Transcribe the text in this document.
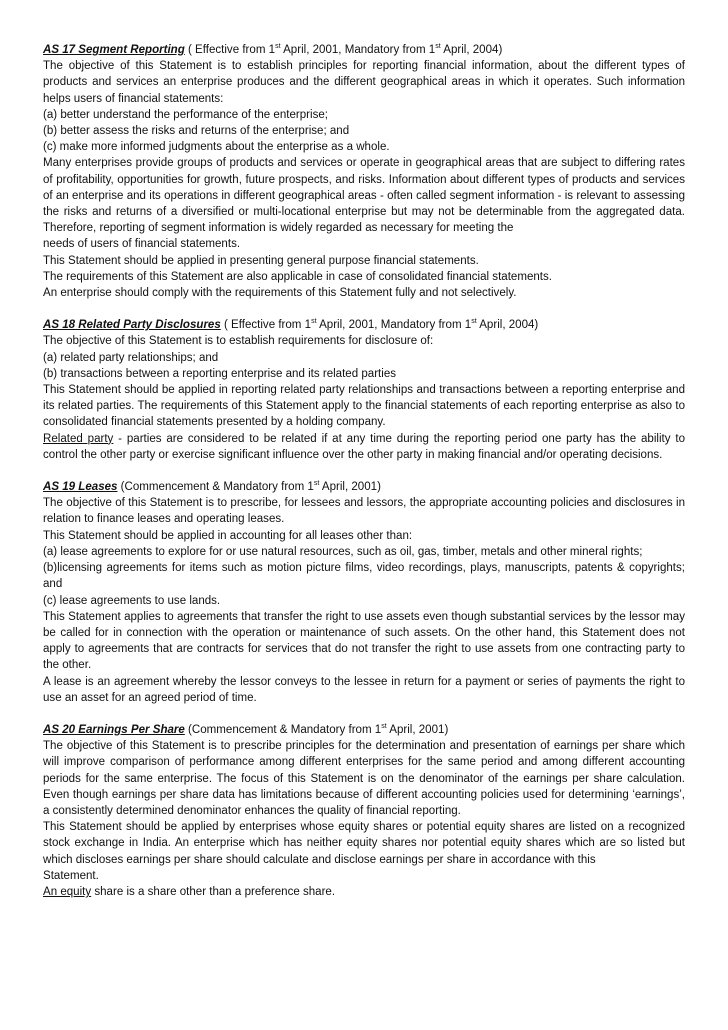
AS 17 Segment Reporting ( Effective from 1st April, 2001, Mandatory from 1st April, 2004)

The objective of this Statement is to establish principles for reporting financial information, about the different types of products and services an enterprise produces and the different geographical areas in which it operates. Such information helps users of financial statements:

(a) better understand the performance of the enterprise;

(b) better assess the risks and returns of the enterprise; and

(c) make more informed judgments about the enterprise as a whole.

Many enterprises provide groups of products and services or operate in geographical areas that are subject to differing rates of profitability, opportunities for growth, future prospects, and risks. Information about different types of products and services of an enterprise and its operations in different geographical areas - often called segment information - is relevant to assessing the risks and returns of a diversified or multi-locational enterprise but may not be determinable from the aggregated data. Therefore, reporting of segment information is widely regarded as necessary for meeting the

needs of users of financial statements.

This Statement should be applied in presenting general purpose financial statements.

The requirements of this Statement are also applicable in case of consolidated financial statements.

An enterprise should comply with the requirements of this Statement fully and not selectively.

AS 18 Related Party Disclosures ( Effective from 1st April, 2001, Mandatory from 1st April, 2004)

The objective of this Statement is to establish requirements for disclosure of:

(a) related party relationships; and

(b) transactions between a reporting enterprise and its related parties

This Statement should be applied in reporting related party relationships and transactions between a reporting enterprise and its related parties. The requirements of this Statement apply to the financial statements of each reporting enterprise as also to consolidated financial statements presented by a holding company.

Related party - parties are considered to be related if at any time during the reporting period one party has the ability to control the other party or exercise significant influence over the other party in making financial and/or operating decisions.

AS 19 Leases (Commencement & Mandatory from 1st April, 2001)

The objective of this Statement is to prescribe, for lessees and lessors, the appropriate accounting policies and disclosures in relation to finance leases and operating leases.

This Statement should be applied in accounting for all leases other than:

(a) lease agreements to explore for or use natural resources, such as oil, gas, timber, metals and other mineral rights;

(b)licensing agreements for items such as motion picture films, video recordings, plays, manuscripts, patents & copyrights; and

(c) lease agreements to use lands.

This Statement applies to agreements that transfer the right to use assets even though substantial services by the lessor may be called for in connection with the operation or maintenance of such assets. On the other hand, this Statement does not apply to agreements that are contracts for services that do not transfer the right to use assets from one contracting party to the other.

A lease is an agreement whereby the lessor conveys to the lessee in return for a payment or series of payments the right to use an asset for an agreed period of time.

AS 20 Earnings Per Share (Commencement & Mandatory from 1st April, 2001)

The objective of this Statement is to prescribe principles for the determination and presentation of earnings per share which will improve comparison of performance among different enterprises for the same period and among different accounting periods for the same enterprise. The focus of this Statement is on the denominator of the earnings per share calculation. Even though earnings per share data has limitations because of different accounting policies used for determining ‘earnings’, a consistently determined denominator enhances the quality of financial reporting.

This Statement should be applied by enterprises whose equity shares or potential equity shares are listed on a recognized stock exchange in India. An enterprise which has neither equity shares nor potential equity shares which are so listed but which discloses earnings per share should calculate and disclose earnings per share in accordance with this

Statement.

An equity share is a share other than a preference share.
